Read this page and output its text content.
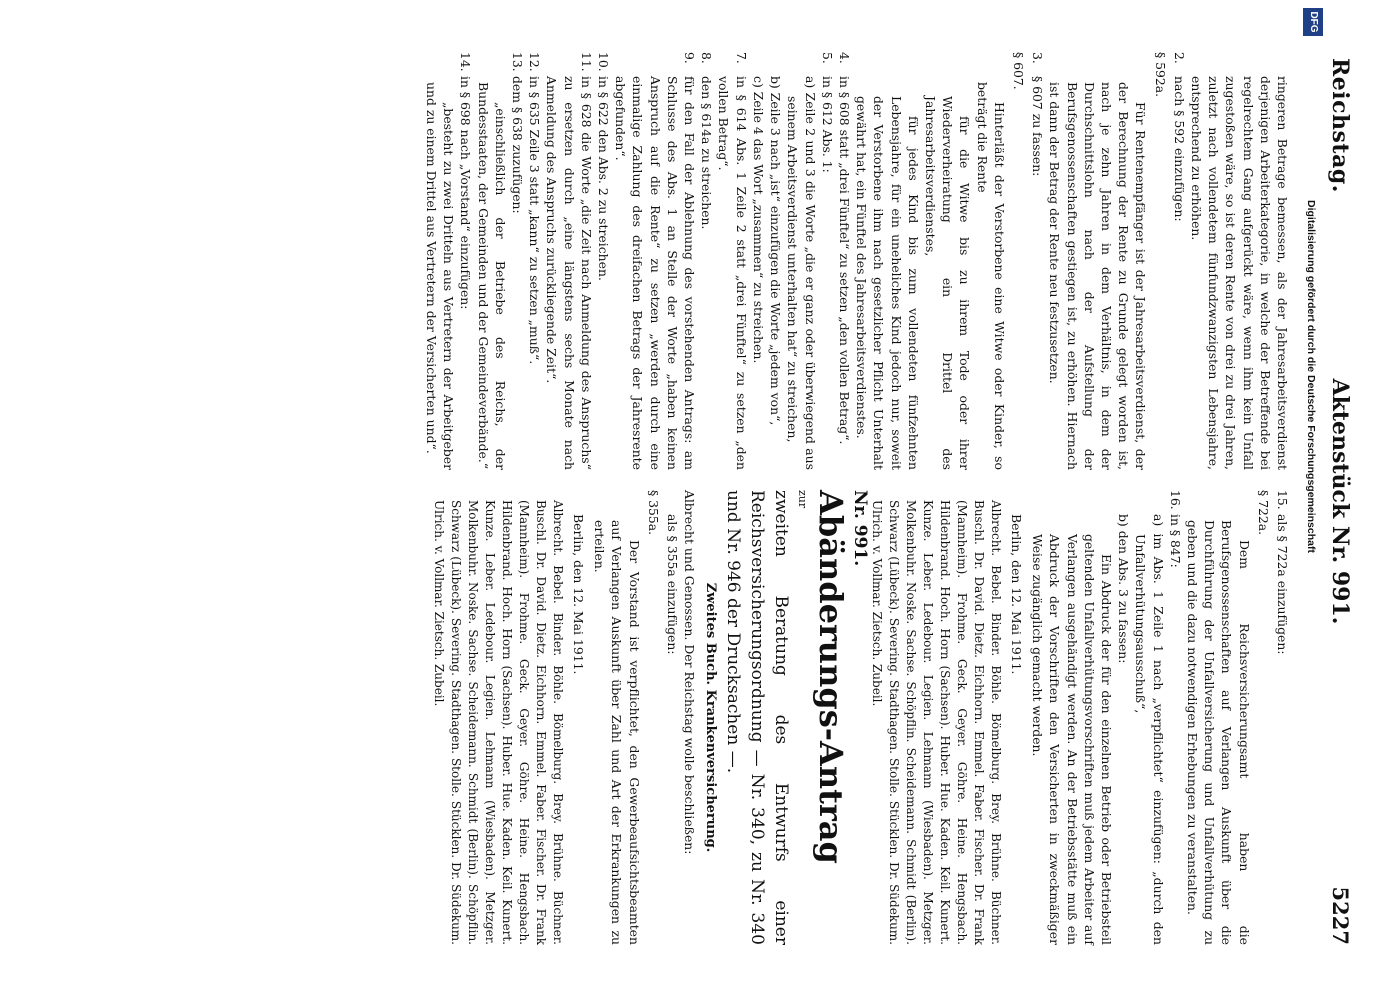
Reichstag.
Aktenstück Nr. 991.
5227

ringeren Betrage bemessen, als der Jahresarbeitsverdienst derjenigen Arbeiterkategorie, in welche der Betreffende bei regelrechtem Gang aufgerückt wäre, wenn ihm kein Unfall zugestoßen wäre, so ist deren Rente von drei zu drei Jahren, zuletzt nach vollendetem fünfundzwanzigsten Lebensjahre, entsprechend zu erhöhen.

2.nach § 592 einzufügen:

§ 592a.

Für Rentenempfänger ist der Jahresarbeitsverdienst, der der Berechnung der Rente zu Grunde gelegt worden ist, nach je zehn Jahren in dem Verhältnis, in dem der Durchschnittslohn nach der Aufstellung der Berufsgenossenschaften gestiegen ist, zu erhöhen. Hiernach ist dann der Betrag der Rente neu festzusetzen.

3.§ 607 zu fassen:

§ 607.

Hinterläßt der Verstorbene eine Witwe oder Kinder, so beträgt die Rente

für die Witwe bis zu ihrem Tode oder ihrer Wiederverheiratung ein Drittel des Jahresarbeitsverdienstes,

für jedes Kind bis zum vollendeten fünfzehnten Lebensjahre, für ein uneheliches Kind jedoch nur, soweit der Verstorbene ihm nach gesetzlicher Pflicht Unterhalt gewährt hat, ein Fünftel des Jahresarbeitsverdienstes.

4.in § 608 statt „drei Fünftel“ zu setzen „den vollen Betrag“.

5.in § 612 Abs. 1:

a) Zeile 2 und 3 die Worte „die er ganz oder überwiegend aus seinem Arbeitsverdienst unterhalten hat“ zu streichen,

b) Zeile 3 nach „ist“ einzufügen die Worte „jedem von“,

c) Zeile 4 das Wort „zusammen“ zu streichen.

7.in § 614 Abs. 1 Zeile 2 statt „drei Fünftel“ zu setzen „den vollen Betrag“.

8.den § 614a zu streichen.

9.für den Fall der Ablehnung des vorstehenden Antrags: am Schlusse des Abs. 1 an Stelle der Worte „haben keinen Anspruch auf die Rente“ zu setzen „werden durch eine einmalige Zahlung des dreifachen Betrags der Jahresrente abgefunden“.

10.in § 622 den Abs. 2 zu streichen.

11.in § 628 die Worte „die Zeit nach Anmeldung des Anspruchs“ zu ersetzen durch „eine längstens sechs Monate nach Anmeldung des Anspruchs zurückliegende Zeit“.

12.in § 635 Zeile 3 statt „kann“ zu setzen „muß“.

13.dem § 638 zuzufügen:

„einschließlich der Betriebe des Reichs, der Bundesstaaten, der Gemeinden und der Gemeindeverbände.“

14.in § 698 nach „Vorstand“ einzufügen:

„besteht zu zwei Dritteln aus Vertretern der Arbeitgeber und zu einem Drittel aus Vertretern der Versicherten und“.

15.als § 722a einzufügen:

§ 722a.

Dem Reichsversicherungsamt haben die Berufsgenossenschaften auf Verlangen Auskunft über die Durchführung der Unfallversicherung und Unfallverhütung zu geben und die dazu notwendigen Erhebungen zu veranstalten.

16.in § 847:

a) im Abs. 1 Zeile 1 nach „verpflichtet“ einzufügen: „durch den Unfallverhütungsausschuß“,

b) den Abs. 3 zu fassen:

Ein Abdruck der für den einzelnen Betrieb oder Betriebsteil geltenden Unfallverhütungsvorschriften muß jedem Arbeiter auf Verlangen ausgehändigt werden. An der Betriebsstätte muß ein Abdruck der Vorschriften den Versicherten in zweckmäßiger Weise zugänglich gemacht werden.

Berlin, den 12. Mai 1911.

Albrecht. Bebel. Binder. Böhle. Bömelburg. Brey. Brühne. Büchner. Buschl. Dr. David. Dietz. Eichhorn. Emmel. Faber. Fischer. Dr. Frank (Mannheim). Frohme. Geck. Geyer. Göhre. Heine. Hengsbach. Hildenbrand. Hoch. Horn (Sachsen). Huber. Hue. Kaden. Keil. Kunert. Kunze. Leber. Ledebour. Legien. Lehmann (Wiesbaden). Metzger. Molkenbuhr. Noske. Sachse. Schöpflin. Scheidemann. Schmidt (Berlin). Schwarz (Lübeck). Severing. Stadthagen. Stolle. Stücklen. Dr. Südekum. Ulrich. v. Vollmar. Zietsch. Zubeil.

Nr. 991.

Abänderungs-Antrag

zur

zweiten Beratung des Entwurfs einer Reichsversicherungsordnung — Nr. 340, zu Nr. 340 und Nr. 946 der Drucksachen —.

Zweites Buch. Krankenversicherung.

Albrecht und Genossen. Der Reichstag wolle beschließen:

als § 355a einzufügen:

§ 355a.

Der Vorstand ist verpflichtet, den Gewerbeaufsichtsbeamten auf Verlangen Auskunft über Zahl und Art der Erkrankungen zu erteilen.

Berlin, den 12. Mai 1911.

Albrecht. Bebel. Binder. Böhle. Bömelburg. Brey. Brühne. Büchner. Buschl. Dr. David. Dietz. Eichhorn. Emmel. Faber. Fischer. Dr. Frank (Mannheim). Frohme. Geck. Geyer. Göhre. Heine. Hengsbach. Hildenbrand. Hoch. Horn (Sachsen). Huber. Hue. Kaden. Keil. Kunert. Kunze. Leber. Ledebour. Legien. Lehmann (Wiesbaden). Metzger. Molkenbuhr. Noske. Sachse. Scheidemann. Schmidt (Berlin). Schöpflin. Schwarz (Lübeck). Severing. Stadthagen. Stolle. Stücklen. Dr. Südekum. Ulrich. v. Vollmar. Zietsch. Zubeil.

DFG
Digitalisierung gefördert durch die Deutsche Forschungsgemeinschaft
